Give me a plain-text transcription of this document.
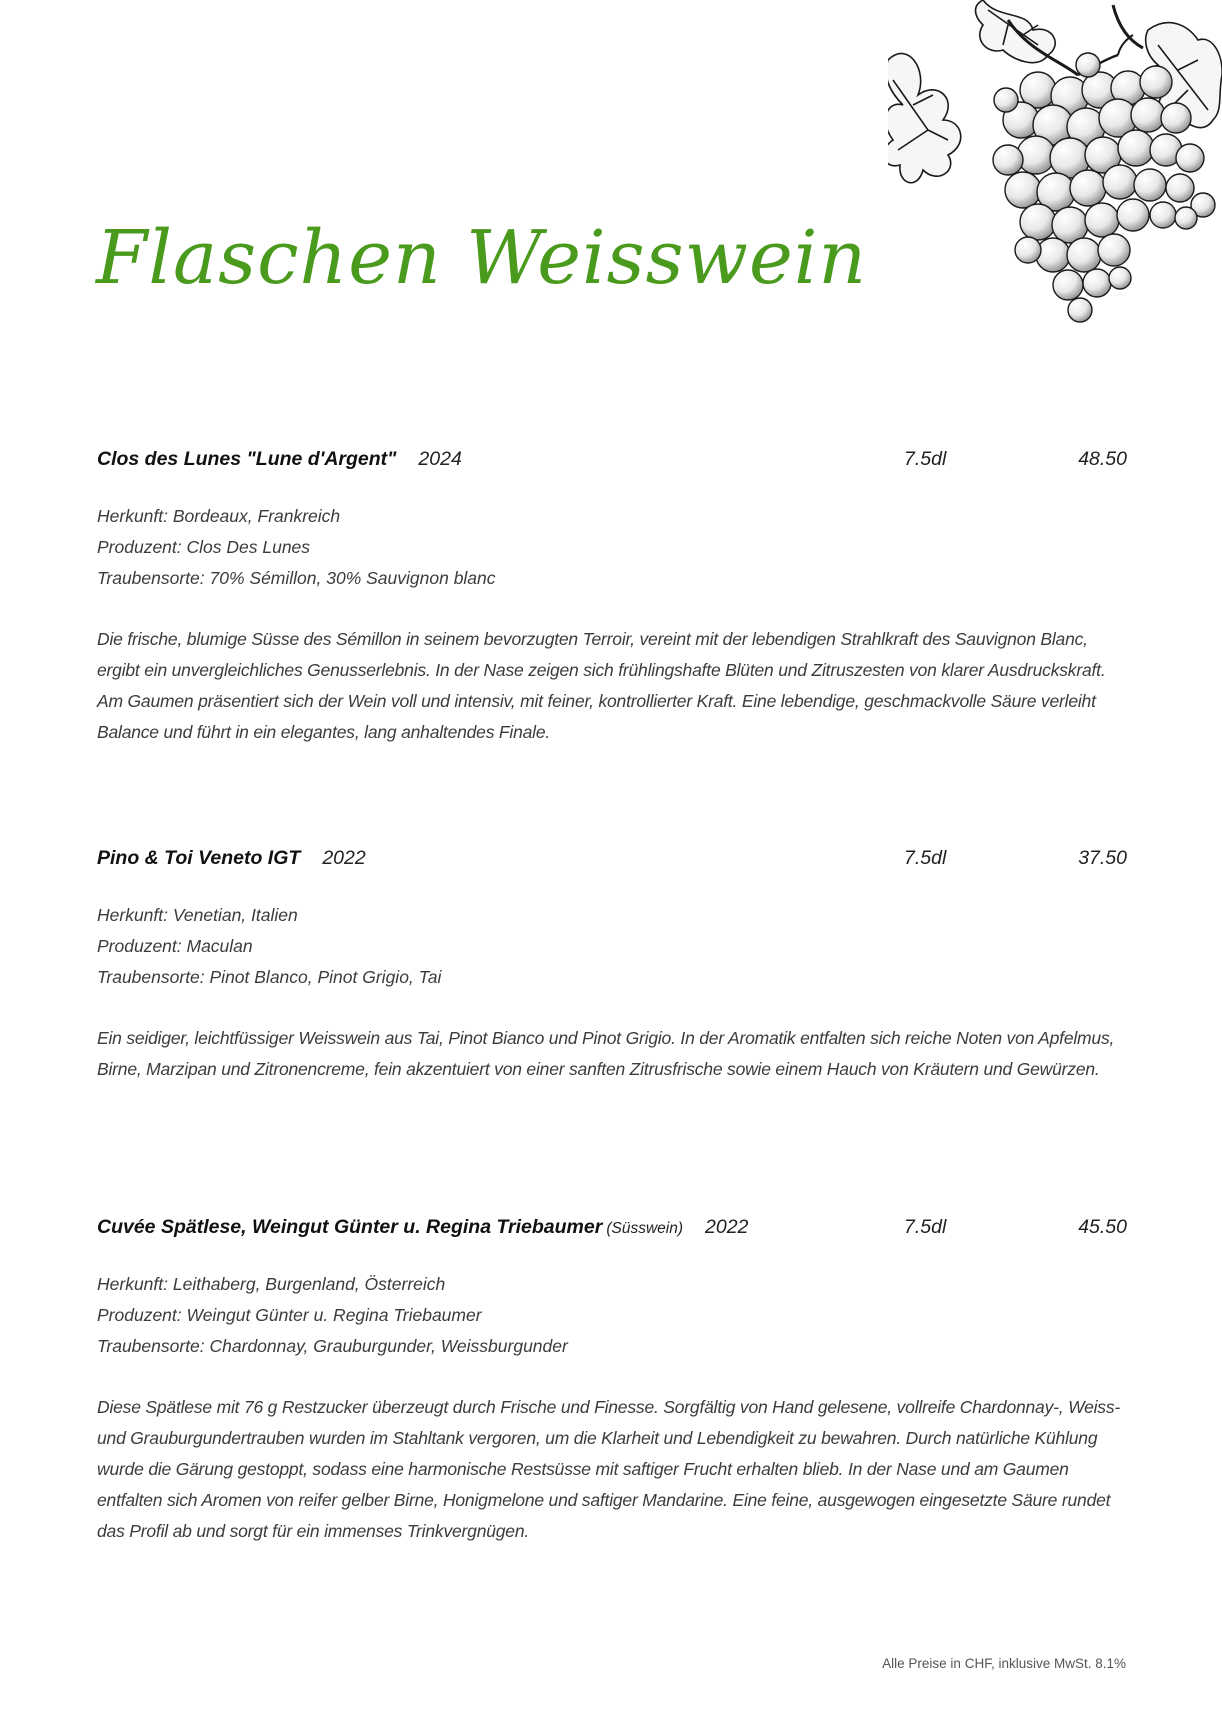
Flaschen Weisswein
Clos des Lunes "Lune d'Argent" 2024	7.5dl	48.50
Herkunft: Bordeaux, Frankreich
Produzent: Clos Des Lunes
Traubensorte: 70% Sémillon, 30% Sauvignon blanc
Die frische, blumige Süsse des Sémillon in seinem bevorzugten Terroir, vereint mit der lebendigen Strahlkraft des Sauvignon Blanc, ergibt ein unvergleichliches Genusserlebnis. In der Nase zeigen sich frühlingshafte Blüten und Zitruszesten von klarer Ausdruckskraft. Am Gaumen präsentiert sich der Wein voll und intensiv, mit feiner, kontrollierter Kraft. Eine lebendige, geschmackvolle Säure verleiht Balance und führt in ein elegantes, lang anhaltendes Finale.
Pino & Toi Veneto IGT 2022	7.5dl	37.50
Herkunft: Venetian, Italien
Produzent: Maculan
Traubensorte: Pinot Blanco, Pinot Grigio, Tai
Ein seidiger, leichtfüssiger Weisswein aus Tai, Pinot Bianco und Pinot Grigio. In der Aromatik entfalten sich reiche Noten von Apfelmus, Birne, Marzipan und Zitronencreme, fein akzentuiert von einer sanften Zitrusfrische sowie einem Hauch von Kräutern und Gewürzen.
Cuvée Spätlese, Weingut Günter u. Regina Triebaumer (Süsswein) 2022	7.5dl	45.50
Herkunft: Leithaberg, Burgenland, Österreich
Produzent: Weingut Günter u. Regina Triebaumer
Traubensorte: Chardonnay, Grauburgunder, Weissburgunder
Diese Spätlese mit 76 g Restzucker überzeugt durch Frische und Finesse. Sorgfältig von Hand gelesene, vollreife Chardonnay-, Weiss- und Grauburgundertrauben wurden im Stahltank vergoren, um die Klarheit und Lebendigkeit zu bewahren. Durch natürliche Kühlung wurde die Gärung gestoppt, sodass eine harmonische Restsüsse mit saftiger Frucht erhalten blieb. In der Nase und am Gaumen entfalten sich Aromen von reifer gelber Birne, Honigmelone und saftiger Mandarine. Eine feine, ausgewogen eingesetzte Säure rundet das Profil ab und sorgt für ein immenses Trinkvergnügen.
Alle Preise in CHF, inklusive MwSt. 8.1%
